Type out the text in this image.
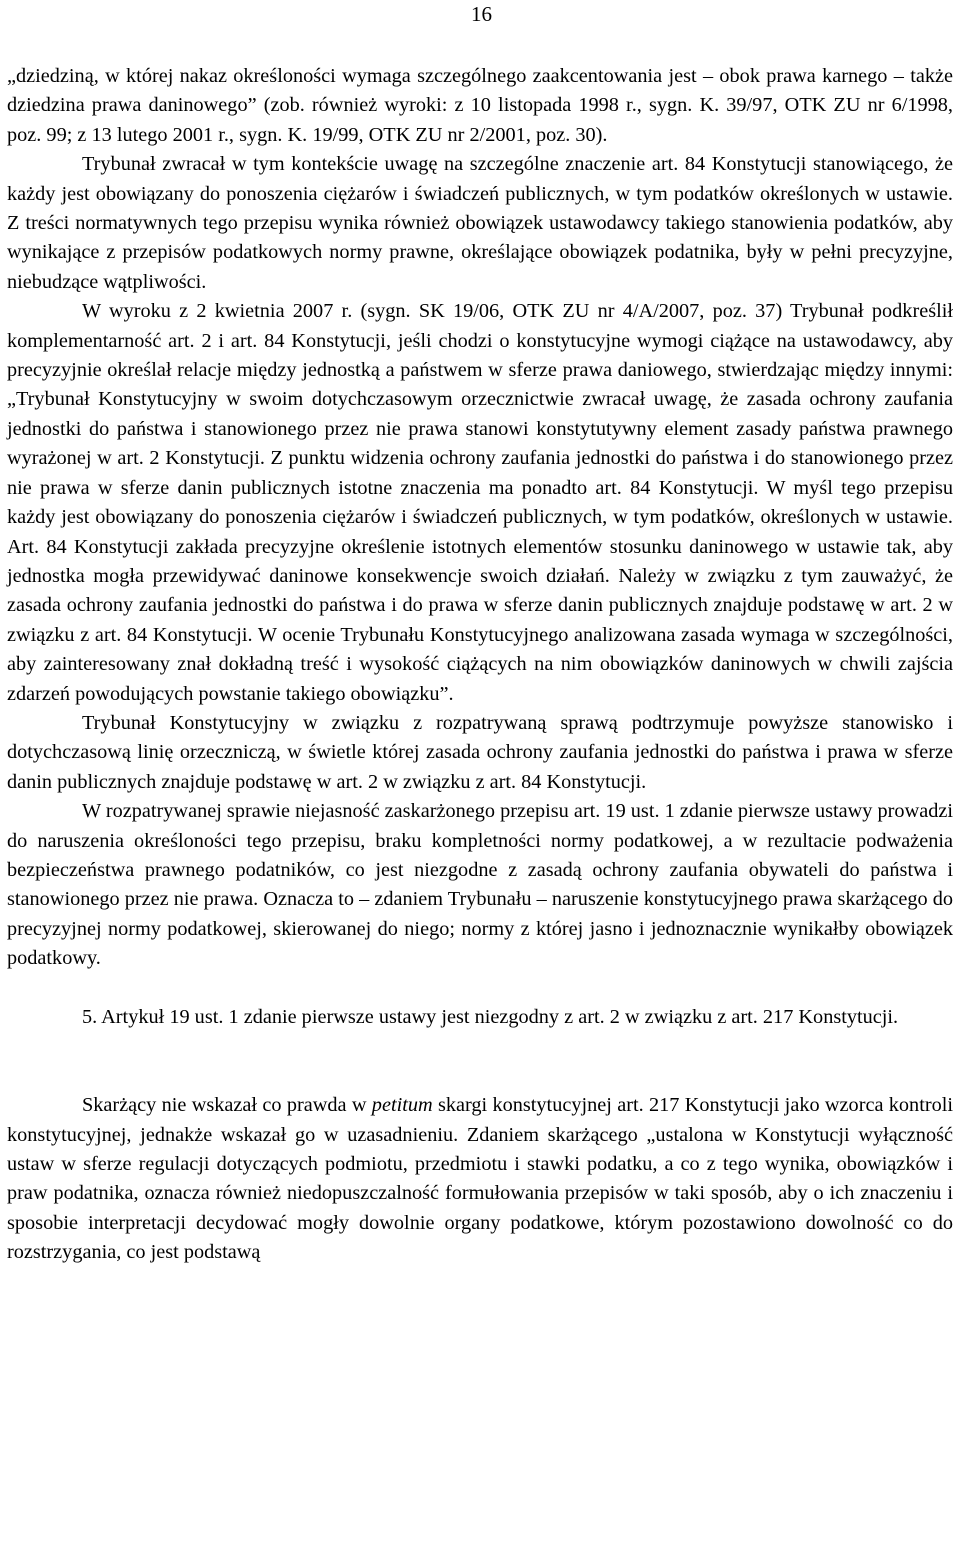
16

„dziedziną, w której nakaz określoności wymaga szczególnego zaakcentowania jest – obok prawa karnego – także dziedzina prawa daninowego” (zob. również wyroki: z 10 listopada 1998 r., sygn. K. 39/97, OTK ZU nr 6/1998, poz. 99; z 13 lutego 2001 r., sygn. K. 19/99, OTK ZU nr 2/2001, poz. 30).

Trybunał zwracał w tym kontekście uwagę na szczególne znaczenie art. 84 Konstytucji stanowiącego, że każdy jest obowiązany do ponoszenia ciężarów i świadczeń publicznych, w tym podatków określonych w ustawie. Z treści normatywnych tego przepisu wynika również obowiązek ustawodawcy takiego stanowienia podatków, aby wynikające z przepisów podatkowych normy prawne, określające obowiązek podatnika, były w pełni precyzyjne, niebudzące wątpliwości.

W wyroku z 2 kwietnia 2007 r. (sygn. SK 19/06, OTK ZU nr 4/A/2007, poz. 37) Trybunał podkreślił komplementarność art. 2 i art. 84 Konstytucji, jeśli chodzi o konstytucyjne wymogi ciążące na ustawodawcy, aby precyzyjnie określał relacje między jednostką a państwem w sferze prawa daniowego, stwierdzając między innymi: „Trybunał Konstytucyjny w swoim dotychczasowym orzecznictwie zwracał uwagę, że zasada ochrony zaufania jednostki do państwa i stanowionego przez nie prawa stanowi konstytutywny element zasady państwa prawnego wyrażonej w art. 2 Konstytucji. Z punktu widzenia ochrony zaufania jednostki do państwa i do stanowionego przez nie prawa w sferze danin publicznych istotne znaczenia ma ponadto art. 84 Konstytucji. W myśl tego przepisu każdy jest obowiązany do ponoszenia ciężarów i świadczeń publicznych, w tym podatków, określonych w ustawie. Art. 84 Konstytucji zakłada precyzyjne określenie istotnych elementów stosunku daninowego w ustawie tak, aby jednostka mogła przewidywać daninowe konsekwencje swoich działań. Należy w związku z tym zauważyć, że zasada ochrony zaufania jednostki do państwa i do prawa w sferze danin publicznych znajduje podstawę w art. 2 w związku z art. 84 Konstytucji. W ocenie Trybunału Konstytucyjnego analizowana zasada wymaga w szczególności, aby zainteresowany znał dokładną treść i wysokość ciążących na nim obowiązków daninowych w chwili zajścia zdarzeń powodujących powstanie takiego obowiązku”.

Trybunał Konstytucyjny w związku z rozpatrywaną sprawą podtrzymuje powyższe stanowisko i dotychczasową linię orzeczniczą, w świetle której zasada ochrony zaufania jednostki do państwa i prawa w sferze danin publicznych znajduje podstawę w art. 2 w związku z art. 84 Konstytucji.

W rozpatrywanej sprawie niejasność zaskarżonego przepisu art. 19 ust. 1 zdanie pierwsze ustawy prowadzi do naruszenia określoności tego przepisu, braku kompletności normy podatkowej, a w rezultacie podważenia bezpieczeństwa prawnego podatników, co jest niezgodne z zasadą ochrony zaufania obywateli do państwa i stanowionego przez nie prawa. Oznacza to – zdaniem Trybunału – naruszenie konstytucyjnego prawa skarżącego do precyzyjnej normy podatkowej, skierowanej do niego; normy z której jasno i jednoznacznie wynikałby obowiązek podatkowy.

5. Artykuł 19 ust. 1 zdanie pierwsze ustawy jest niezgodny z art. 2 w związku z art. 217 Konstytucji.

Skarżący nie wskazał co prawda w petitum skargi konstytucyjnej art. 217 Konstytucji jako wzorca kontroli konstytucyjnej, jednakże wskazał go w uzasadnieniu. Zdaniem skarżącego „ustalona w Konstytucji wyłączność ustaw w sferze regulacji dotyczących podmiotu, przedmiotu i stawki podatku, a co z tego wynika, obowiązków i praw podatnika, oznacza również niedopuszczalność formułowania przepisów w taki sposób, aby o ich znaczeniu i sposobie interpretacji decydować mogły dowolnie organy podatkowe, którym pozostawiono dowolność co do rozstrzygania, co jest podstawą
